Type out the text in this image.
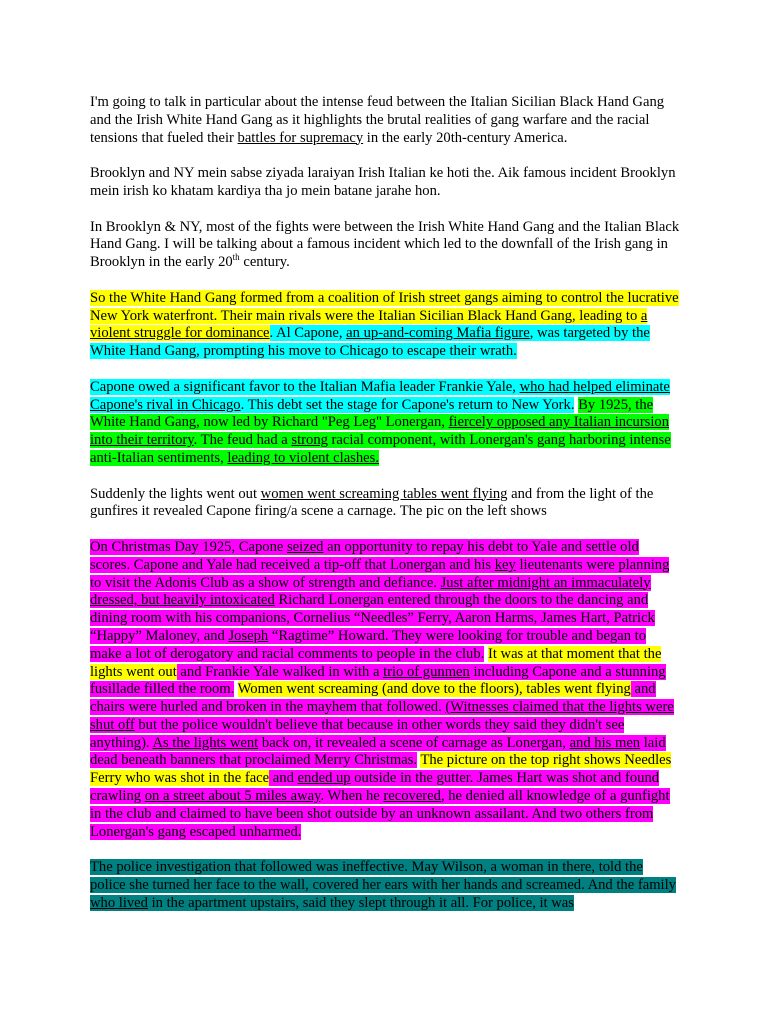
I'm going to talk in particular about the intense feud between the Italian Sicilian Black Hand Gang and the Irish White Hand Gang as it highlights the brutal realities of gang warfare and the racial tensions that fueled their battles for supremacy in the early 20th-century America.

Brooklyn and NY mein sabse ziyada laraiyan Irish Italian ke hoti the. Aik famous incident Brooklyn mein irish ko khatam kardiya tha jo mein batane jarahe hon.

In Brooklyn & NY, most of the fights were between the Irish White Hand Gang and the Italian Black Hand Gang. I will be talking about a famous incident which led to the downfall of the Irish gang in Brooklyn in the early 20th century.

So the White Hand Gang formed from a coalition of Irish street gangs aiming to control the lucrative New York waterfront. Their main rivals were the Italian Sicilian Black Hand Gang, leading to a violent struggle for dominance. Al Capone, an up-and-coming Mafia figure, was targeted by the White Hand Gang, prompting his move to Chicago to escape their wrath.

Capone owed a significant favor to the Italian Mafia leader Frankie Yale, who had helped eliminate Capone's rival in Chicago. This debt set the stage for Capone's return to New York. By 1925, the White Hand Gang, now led by Richard "Peg Leg" Lonergan, fiercely opposed any Italian incursion into their territory. The feud had a strong racial component, with Lonergan's gang harboring intense anti-Italian sentiments, leading to violent clashes.

Suddenly the lights went out women went screaming tables went flying and from the light of the gunfires it revealed Capone firing/a scene a carnage. The pic on the left shows

On Christmas Day 1925, Capone seized an opportunity to repay his debt to Yale and settle old scores. Capone and Yale had received a tip-off that Lonergan and his key lieutenants were planning to visit the Adonis Club as a show of strength and defiance. Just after midnight an immaculately dressed, but heavily intoxicated Richard Lonergan entered through the doors to the dancing and dining room with his companions, Cornelius “Needles” Ferry, Aaron Harms, James Hart, Patrick “Happy” Maloney, and Joseph “Ragtime” Howard. They were looking for trouble and began to make a lot of derogatory and racial comments to people in the club. It was at that moment that the lights went out and Frankie Yale walked in with a trio of gunmen including Capone and a stunning fusillade filled the room. Women went screaming (and dove to the floors), tables went flying and chairs were hurled and broken in the mayhem that followed. (Witnesses claimed that the lights were shut off but the police wouldn't believe that because in other words they said they didn't see anything). As the lights went back on, it revealed a scene of carnage as Lonergan, and his men laid dead beneath banners that proclaimed Merry Christmas. The picture on the top right shows Needles Ferry who was shot in the face and ended up outside in the gutter. James Hart was shot and found crawling on a street about 5 miles away. When he recovered, he denied all knowledge of a gunfight in the club and claimed to have been shot outside by an unknown assailant. And two others from Lonergan's gang escaped unharmed.

The police investigation that followed was ineffective. May Wilson, a woman in there, told the police she turned her face to the wall, covered her ears with her hands and screamed. And the family who lived in the apartment upstairs, said they slept through it all. For police, it was
